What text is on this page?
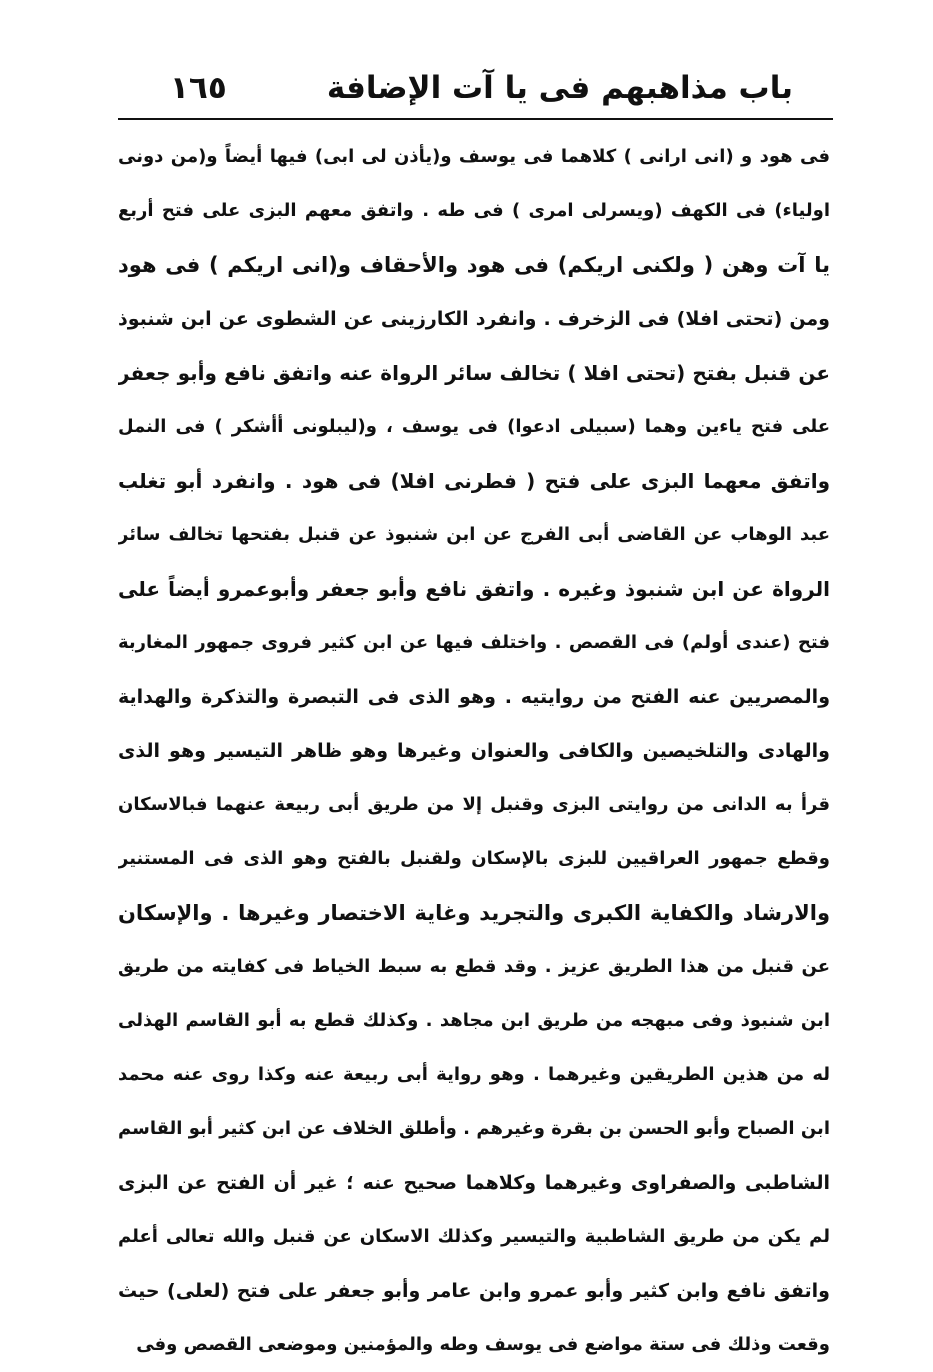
باب مذاهبهم فى يا آت الإضافة
١٦٥
فى هود و (انى ارانى ) كلاهما فى يوسف و(يأذن لى ابى) فيها أيضاً و(من دونى
اولياء) فى الكهف (ويسرلى امرى ) فى طه . واتفق معهم البزى على فتح أربع
يا آت وهن ( ولكنى اريكم) فى هود والأحقاف و(انى اريكم ) فى هود
ومن (تحتى افلا) فى الزخرف . وانفرد الكارزينى عن الشطوى عن ابن شنبوذ
عن قنبل بفتح (تحتى افلا ) تخالف سائر الرواة عنه واتفق نافع وأبو جعفر
على فتح ياءين وهما (سبيلى ادعوا) فى يوسف ، و(ليبلونى أأشكر ) فى النمل
واتفق معهما البزى على فتح ( فطرنى افلا) فى هود . وانفرد أبو تغلب
عبد الوهاب عن القاضى أبى الفرج عن ابن شنبوذ عن قنبل بفتحها تخالف سائر
الرواة عن ابن شنبوذ وغيره . واتفق نافع وأبو جعفر وأبوعمرو أيضاً على
فتح (عندى أولم) فى القصص . واختلف فيها عن ابن كثير فروى جمهور المغاربة
والمصريين عنه الفتح من روايتيه . وهو الذى فى التبصرة والتذكرة والهداية
والهادى والتلخيصين والكافى والعنوان وغيرها وهو ظاهر التيسير وهو الذى
قرأ به الدانى من روايتى البزى وقنبل إلا من طريق أبى ربيعة عنهما فبالاسكان
وقطع جمهور العراقيين للبزى بالإسكان ولقنبل بالفتح وهو الذى فى المستنير
والارشاد والكفاية الكبرى والتجريد وغاية الاختصار وغيرها . والإسكان
عن قنبل من هذا الطريق عزيز . وقد قطع به سبط الخياط فى كفايته من طريق
ابن شنبوذ وفى مبهجه من طريق ابن مجاهد . وكذلك قطع به أبو القاسم الهذلى
له من هذين الطريقين وغيرهما . وهو رواية أبى ربيعة عنه وكذا روى عنه محمد
ابن الصباح وأبو الحسن بن بقرة وغيرهم . وأطلق الخلاف عن ابن كثير أبو القاسم
الشاطبى والصفراوى وغيرهما وكلاهما صحيح عنه ؛ غير أن الفتح عن البزى
لم يكن من طريق الشاطبية والتيسير وكذلك الاسكان عن قنبل والله تعالى أعلم
واتفق نافع وابن كثير وأبو عمرو وابن عامر وأبو جعفر على فتح (لعلى) حيث
وقعت وذلك فى ستة مواضع فى يوسف وطه والمؤمنين وموضعى القصص وفى
